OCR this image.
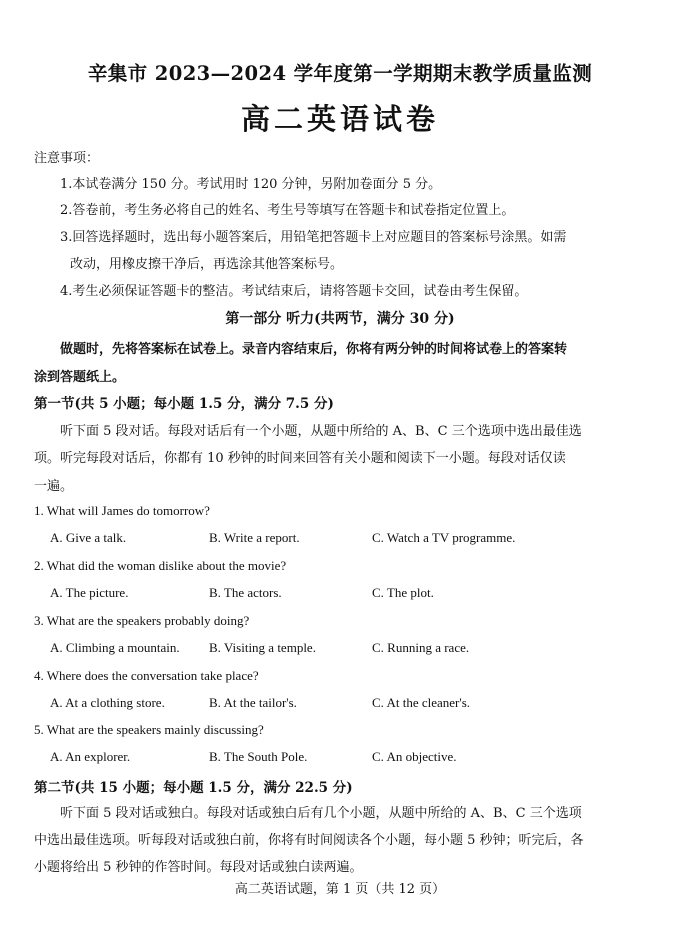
辛集市 2023—2024 学年度第一学期期末教学质量监测
高二英语试卷
注意事项：
1.本试卷满分 150 分。考试用时 120 分钟，另附加卷面分 5 分。
2.答卷前，考生务必将自己的姓名、考生号等填写在答题卡和试卷指定位置上。
3.回答选择题时，选出每小题答案后，用铅笔把答题卡上对应题目的答案标号涂黑。如需
改动，用橡皮擦干净后，再选涂其他答案标号。
4.考生必须保证答题卡的整洁。考试结束后，请将答题卡交回，试卷由考生保留。
第一部分 听力(共两节，满分 30 分)
做题时，先将答案标在试卷上。录音内容结束后，你将有两分钟的时间将试卷上的答案转
涂到答题纸上。
第一节(共 5 小题；每小题 1.5 分，满分 7.5 分)
听下面 5 段对话。每段对话后有一个小题，从题中所给的 A、B、C 三个选项中选出最佳选
项。听完每段对话后，你都有 10 秒钟的时间来回答有关小题和阅读下一小题。每段对话仅读
一遍。
1. What will James do tomorrow?
A. Give a talk.	B. Write a report.	C. Watch a TV programme.
2. What did the woman dislike about the movie?
A. The picture.	B. The actors.	C. The plot.
3. What are the speakers probably doing?
A. Climbing a mountain. B. Visiting a temple.	C. Running a race.
4. Where does the conversation take place?
A. At a clothing store.	B. At the tailor's.	C. At the cleaner's.
5. What are the speakers mainly discussing?
A. An explorer.	B. The South Pole.	C. An objective.
第二节(共 15 小题；每小题 1.5 分，满分 22.5 分)
听下面 5 段对话或独白。每段对话或独白后有几个小题，从题中所给的 A、B、C 三个选项
中选出最佳选项。听每段对话或独白前，你将有时间阅读各个小题，每小题 5 秒钟；听完后，各
小题将给出 5 秒钟的作答时间。每段对话或独白读两遍。
高二英语试题，第 1 页（共 12 页）
